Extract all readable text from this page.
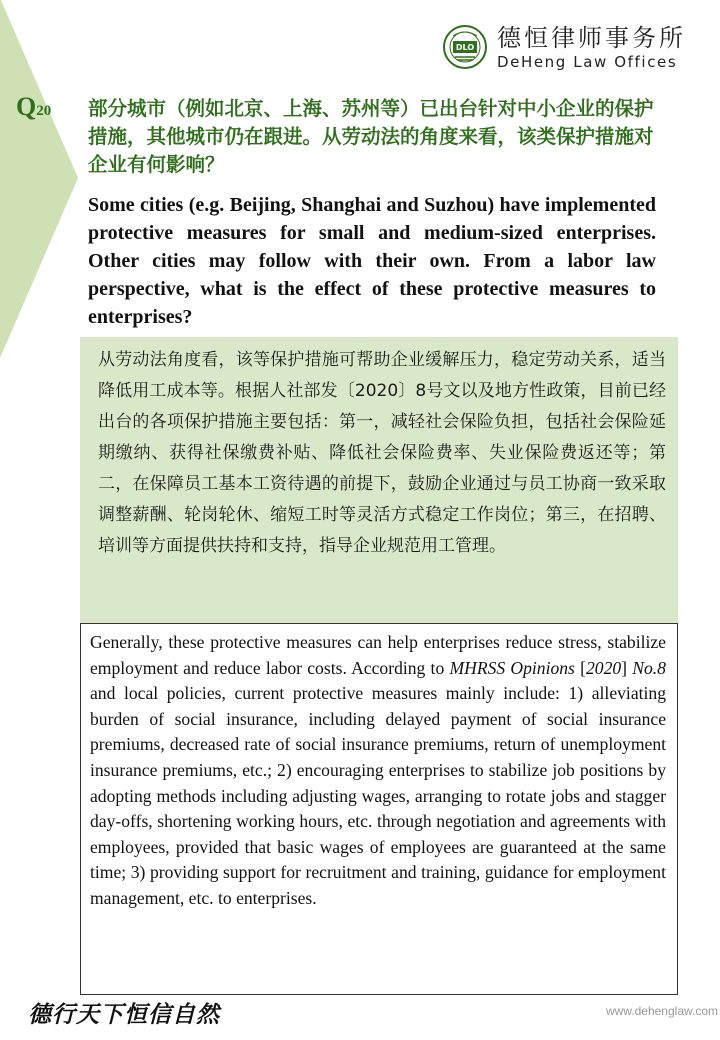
Q20
DLO 德恒律师事务所
DeHeng Law Offices
部分城市（例如北京、上海、苏州等）已出台针对中小企业的保护措施，其他城市仍在跟进。从劳动法的角度来看，该类保护措施对企业有何影响？
Some cities (e.g. Beijing, Shanghai and Suzhou) have implemented protective measures for small and medium-sized enterprises. Other cities may follow with their own. From a labor law perspective, what is the effect of these protective measures to enterprises?
从劳动法角度看，该等保护措施可帮助企业缓解压力，稳定劳动关系，适当降低用工成本等。根据人社部发〔2020〕8号文以及地方性政策，目前已经出台的各项保护措施主要包括：第一，减轻社会保险负担，包括社会保险延期缴纳、获得社保缴费补贴、降低社会保险费率、失业保险费返还等；第二，在保障员工基本工资待遇的前提下，鼓励企业通过与员工协商一致采取调整薪酬、轮岗轮休、缩短工时等灵活方式稳定工作岗位；第三，在招聘、培训等方面提供扶持和支持，指导企业规范用工管理。
Generally, these protective measures can help enterprises reduce stress, stabilize employment and reduce labor costs. According to MHRSS Opinions [2020] No.8 and local policies, current protective measures mainly include: 1) alleviating burden of social insurance, including delayed payment of social insurance premiums, decreased rate of social insurance premiums, return of unemployment insurance premiums, etc.; 2) encouraging enterprises to stabilize job positions by adopting methods including adjusting wages, arranging to rotate jobs and stagger day-offs, shortening working hours, etc. through negotiation and agreements with employees, provided that basic wages of employees are guaranteed at the same time; 3) providing support for recruitment and training, guidance for employment management, etc. to enterprises.
德行天下恒信自然	www.dehenglaw.com
